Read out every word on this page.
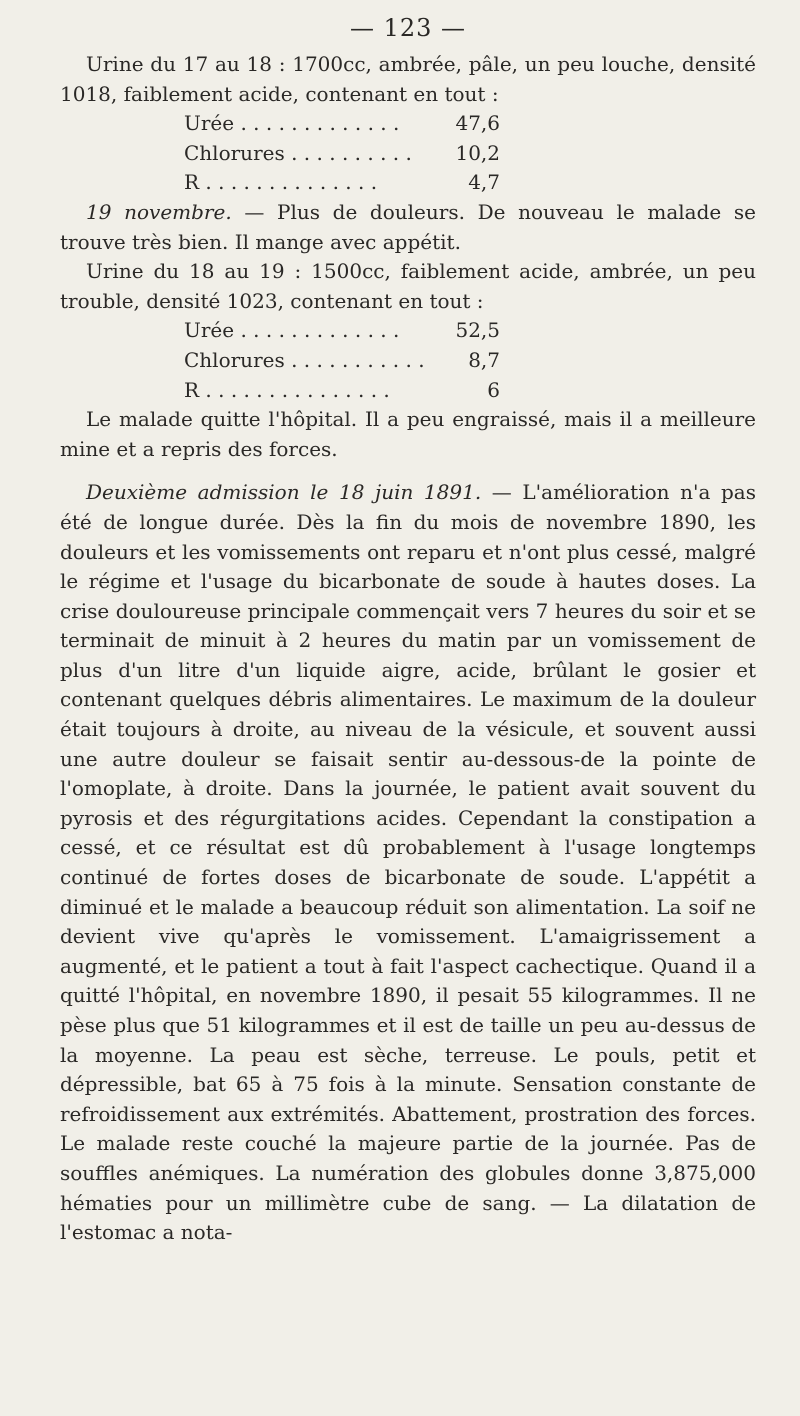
— 123 —

Urine du 17 au 18 : 1700cc, ambrée, pâle, un peu louche, densité 1018, faiblement acide, contenant en tout :

Urée . . . . . . . . . . . . .	47,6
Chlorures . . . . . . . . . .	10,2
R . . . . . . . . . . . . . .	4,7

19 novembre. — Plus de douleurs. De nouveau le malade se trouve très bien. Il mange avec appétit.

Urine du 18 au 19 : 1500cc, faiblement acide, ambrée, un peu trouble, densité 1023, contenant en tout :

Urée . . . . . . . . . . . . .	52,5
Chlorures . . . . . . . . . . .	8,7
R . . . . . . . . . . . . . . .	6

Le malade quitte l'hôpital. Il a peu engraissé, mais il a meilleure mine et a repris des forces.

Deuxième admission le 18 juin 1891. — L'amélioration n'a pas été de longue durée. Dès la fin du mois de novembre 1890, les douleurs et les vomissements ont reparu et n'ont plus cessé, malgré le régime et l'usage du bicarbonate de soude à hautes doses. La crise douloureuse principale commençait vers 7 heures du soir et se terminait de minuit à 2 heures du matin par un vomissement de plus d'un litre d'un liquide aigre, acide, brûlant le gosier et contenant quelques débris alimentaires. Le maximum de la douleur était toujours à droite, au niveau de la vésicule, et souvent aussi une autre douleur se faisait sentir au-dessous-de la pointe de l'omoplate, à droite. Dans la journée, le patient avait souvent du pyrosis et des régurgitations acides. Cependant la constipation a cessé, et ce résultat est dû probablement à l'usage longtemps continué de fortes doses de bicarbonate de soude. L'appétit a diminué et le malade a beaucoup réduit son alimentation. La soif ne devient vive qu'après le vomissement. L'amaigrissement a augmenté, et le patient a tout à fait l'aspect cachectique. Quand il a quitté l'hôpital, en novembre 1890, il pesait 55 kilogrammes. Il ne pèse plus que 51 kilogrammes et il est de taille un peu au-dessus de la moyenne. La peau est sèche, terreuse. Le pouls, petit et dépressible, bat 65 à 75 fois à la minute. Sensation constante de refroidissement aux extrémités. Abattement, prostration des forces. Le malade reste couché la majeure partie de la journée. Pas de souffles anémiques. La numération des globules donne 3,875,000 hématies pour un millimètre cube de sang. — La dilatation de l'estomac a nota-
